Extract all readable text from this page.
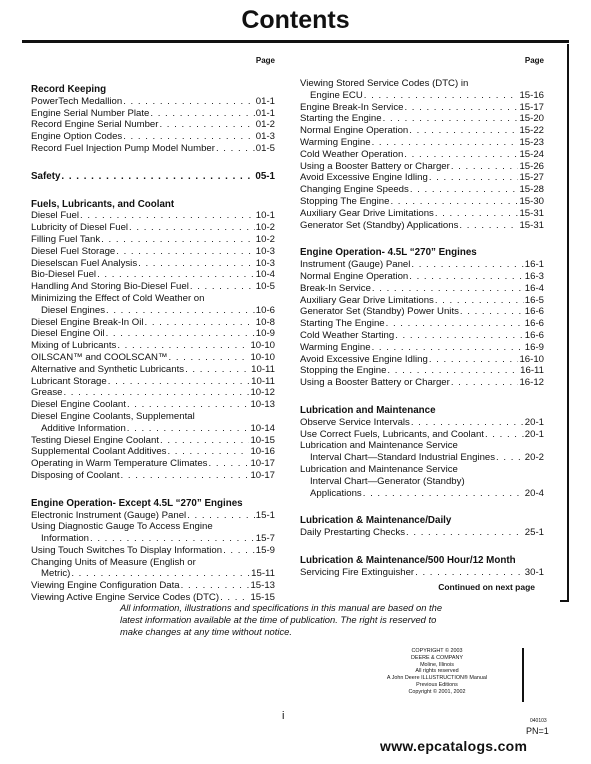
Contents
Page
Record Keeping
PowerTech Medallion . . .	01-1
Engine Serial Number Plate . . .	01-1
Record Engine Serial Number . . .	01-2
Engine Option Codes . . .	01-3
Record Fuel Injection Pump Model Number . . .	01-5
Safety . . .	05-1
Fuels, Lubricants, and Coolant
Diesel Fuel . . .	10-1
Lubricity of Diesel Fuel . . .	10-2
Filling Fuel Tank . . .	10-2
Diesel Fuel Storage . . .	10-3
Dieselscan Fuel Analysis . . .	10-3
Bio-Diesel Fuel . . .	10-4
Handling And Storing Bio-Diesel Fuel . . .	10-5
Minimizing the Effect of Cold Weather on
Diesel Engines . . .	10-6
Diesel Engine Break-In Oil . . .	10-8
Diesel Engine Oil . . .	10-9
Mixing of Lubricants . . .	10-10
OILSCAN™ and COOLSCAN™ . . .	10-10
Alternative and Synthetic Lubricants . . .	10-11
Lubricant Storage . . .	10-11
Grease . . .	10-12
Diesel Engine Coolant . . .	10-13
Diesel Engine Coolants, Supplemental
Additive Information . . .	10-14
Testing Diesel Engine Coolant . . .	10-15
Supplemental Coolant Additives . . .	10-16
Operating in Warm Temperature Climates . . .	10-17
Disposing of Coolant . . .	10-17
Engine Operation- Except 4.5L “270” Engines
Electronic Instrument (Gauge) Panel . . .	15-1
Using Diagnostic Gauge To Access Engine
Information . . .	15-7
Using Touch Switches To Display Information . . .	15-9
Changing Units of Measure (English or
Metric) . . .	15-11
Viewing Engine Configuration Data . . .	15-13
Viewing Active Engine Service Codes (DTC) . . .	15-15
Page
Viewing Stored Service Codes (DTC) in
Engine ECU . . .	15-16
Engine Break-In Service . . .	15-17
Starting the Engine . . .	15-20
Normal Engine Operation . . .	15-22
Warming Engine . . .	15-23
Cold Weather Operation . . .	15-24
Using a Booster Battery or Charger . . .	15-26
Avoid Excessive Engine Idling . . .	15-27
Changing Engine Speeds . . .	15-28
Stopping The Engine . . .	15-30
Auxiliary Gear Drive Limitations . . .	15-31
Generator Set (Standby) Applications . . .	15-31
Engine Operation- 4.5L “270” Engines
Instrument (Gauge) Panel . . .	16-1
Normal Engine Operation . . .	16-3
Break-In Service . . .	16-4
Auxiliary Gear Drive Limitations . . .	16-5
Generator Set (Standby) Power Units . . .	16-6
Starting The Engine . . .	16-6
Cold Weather Starting . . .	16-6
Warming Engine . . .	16-9
Avoid Excessive Engine Idling . . .	16-10
Stopping the Engine . . .	16-11
Using a Booster Battery or Charger . . .	16-12
Lubrication and Maintenance
Observe Service Intervals . . .	20-1
Use Correct Fuels, Lubricants, and Coolant . . .	20-1
Lubrication and Maintenance Service
Interval Chart—Standard Industrial Engines . . .	20-2
Lubrication and Maintenance Service
Interval Chart—Generator (Standby)
Applications . . .	20-4
Lubrication & Maintenance/Daily
Daily Prestarting Checks . . .	25-1
Lubrication & Maintenance/500 Hour/12 Month
Servicing Fire Extinguisher . . .	30-1
Continued on next page
All information, illustrations and specifications in this manual are based on the latest information available at the time of publication. The right is reserved to make changes at any time without notice.
COPYRIGHT © 2003
DEERE & COMPANY
Moline, Illinois
All rights reserved
A John Deere ILLUSTRUCTION® Manual
Previous Editions
Copyright © 2001, 2002
i	040103
PN=1
www.epcatalogs.com
